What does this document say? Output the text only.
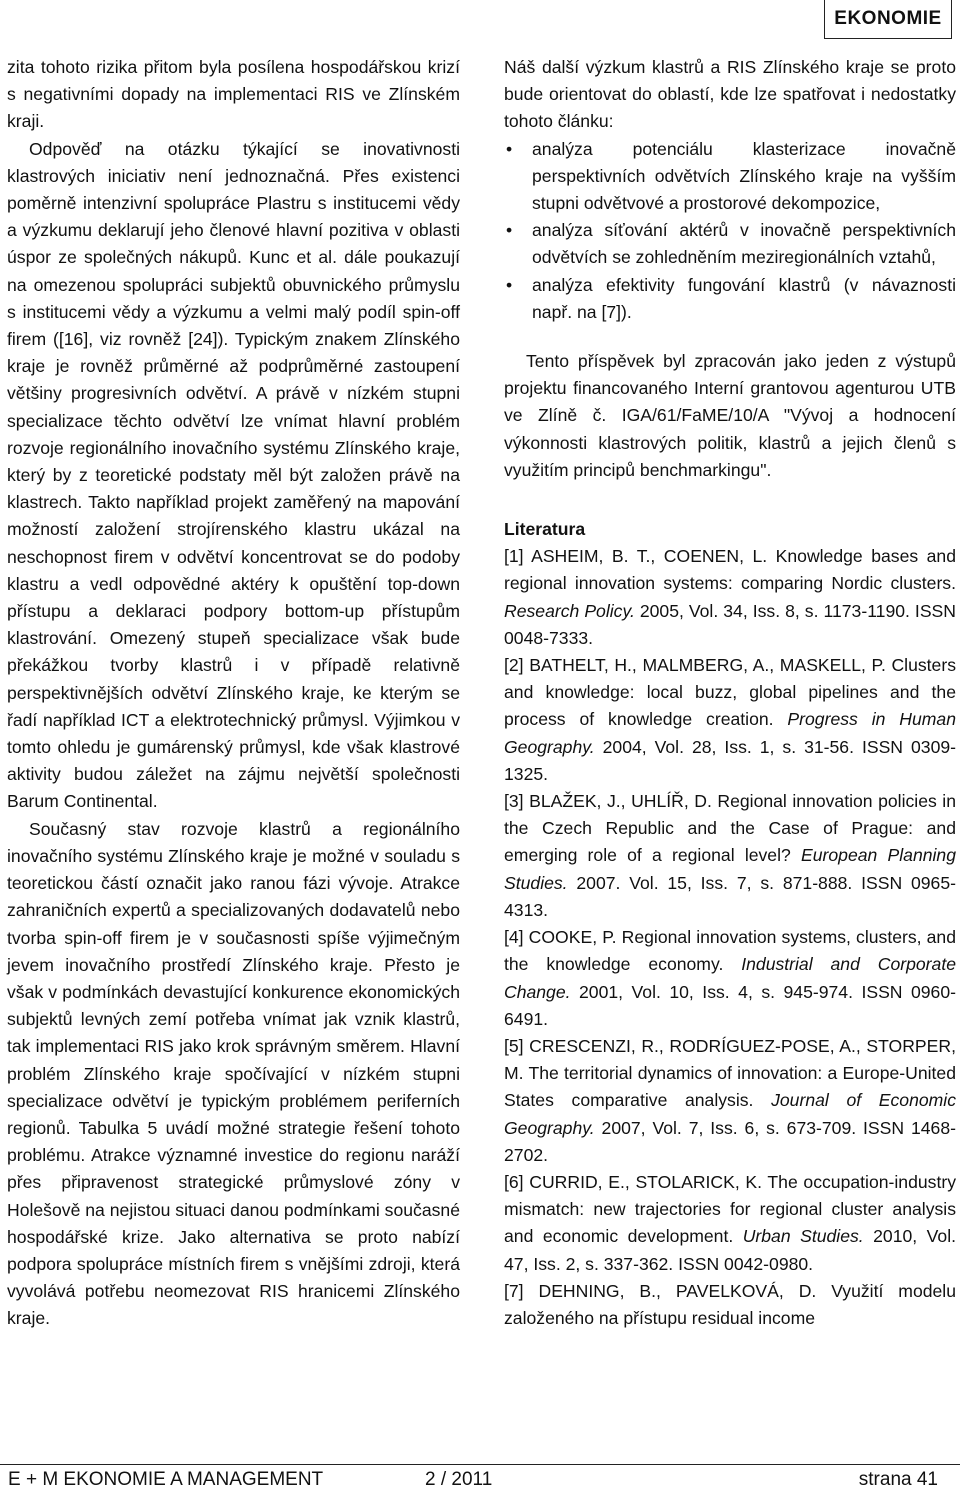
EKONOMIE

zita tohoto rizika přitom byla posílena hospodářskou krizí s negativními dopady na implementaci RIS ve Zlínském kraji.

Odpověď na otázku týkající se inovativnosti klastrových iniciativ není jednoznačná. Přes existenci poměrně intenzivní spolupráce Plastru s institucemi vědy a výzkumu deklarují jeho členové hlavní pozitiva v oblasti úspor ze společných nákupů. Kunc et al. dále poukazují na omezenou spolupráci subjektů obuvnického průmyslu s institucemi vědy a výzkumu a velmi malý podíl spin-off firem ([16], viz rovněž [24]). Typickým znakem Zlínského kraje je rovněž průměrné až podprůměrné zastoupení většiny progresivních odvětví. A právě v nízkém stupni specializace těchto odvětví lze vnímat hlavní problém rozvoje regionálního inovačního systému Zlínského kraje, který by z teoretické podstaty měl být založen právě na klastrech. Takto například projekt zaměřený na mapování možností založení strojírenského klastru ukázal na neschopnost firem v odvětví koncentrovat se do podoby klastru a vedl odpovědné aktéry k opuštění top-down přístupu a deklaraci podpory bottom-up přístupům klastrování. Omezený stupeň specializace však bude překážkou tvorby klastrů i v případě relativně perspektivnějších odvětví Zlínského kraje, ke kterým se řadí například ICT a elektrotechnický průmysl. Výjimkou v tomto ohledu je gumárenský průmysl, kde však klastrové aktivity budou záležet na zájmu největší společnosti Barum Continental.

Současný stav rozvoje klastrů a regionálního inovačního systému Zlínského kraje je možné v souladu s teoretickou částí označit jako ranou fázi vývoje. Atrakce zahraničních expertů a specializovaných dodavatelů nebo tvorba spin-off firem je v současnosti spíše výjimečným jevem inovačního prostředí Zlínského kraje. Přesto je však v podmínkách devastující konkurence ekonomických subjektů levných zemí potřeba vnímat jak vznik klastrů, tak implementaci RIS jako krok správným směrem. Hlavní problém Zlínského kraje spočívající v nízkém stupni specializace odvětví je typickým problémem periferních regionů. Tabulka 5 uvádí možné strategie řešení tohoto problému. Atrakce významné investice do regionu naráží přes připravenost strategické průmyslové zóny v Holešově na nejistou situaci danou podmínkami současné hospodářské krize. Jako alternativa se proto nabízí podpora spolupráce místních firem s vnějšími zdroji, která vyvolává potřebu neomezovat RIS hranicemi Zlínského kraje.

Náš další výzkum klastrů a RIS Zlínského kraje se proto bude orientovat do oblastí, kde lze spatřovat i nedostatky tohoto článku:

• analýza potenciálu klasterizace inovačně perspektivních odvětvích Zlínského kraje na vyšším stupni odvětvové a prostorové dekompozice,
• analýza síťování aktérů v inovačně perspektivních odvětvích se zohledněním meziregionálních vztahů,
• analýza efektivity fungování klastrů (v návaznosti např. na [7]).

Tento příspěvek byl zpracován jako jeden z výstupů projektu financovaného Interní grantovou agenturou UTB ve Zlíně č. IGA/61/FaME/10/A "Vývoj a hodnocení výkonnosti klastrových politik, klastrů a jejich členů s využitím principů benchmarkingu".

Literatura

[1] ASHEIM, B. T., COENEN, L. Knowledge bases and regional innovation systems: comparing Nordic clusters. Research Policy. 2005, Vol. 34, Iss. 8, s. 1173-1190. ISSN 0048-7333.

[2] BATHELT, H., MALMBERG, A., MASKELL, P. Clusters and knowledge: local buzz, global pipelines and the process of knowledge creation. Progress in Human Geography. 2004, Vol. 28, Iss. 1, s. 31-56. ISSN 0309-1325.

[3] BLAŽEK, J., UHLÍŘ, D. Regional innovation policies in the Czech Republic and the Case of Prague: and emerging role of a regional level? European Planning Studies. 2007. Vol. 15, Iss. 7, s. 871-888. ISSN 0965-4313.

[4] COOKE, P. Regional innovation systems, clusters, and the knowledge economy. Industrial and Corporate Change. 2001, Vol. 10, Iss. 4, s. 945-974. ISSN 0960-6491.

[5] CRESCENZI, R., RODRÍGUEZ-POSE, A., STORPER, M. The territorial dynamics of innovation: a Europe-United States comparative analysis. Journal of Economic Geography. 2007, Vol. 7, Iss. 6, s. 673-709. ISSN 1468-2702.

[6] CURRID, E., STOLARICK, K. The occupation-industry mismatch: new trajectories for regional cluster analysis and economic development. Urban Studies. 2010, Vol. 47, Iss. 2, s. 337-362. ISSN 0042-0980.

[7] DEHNING, B., PAVELKOVÁ, D. Využití modelu založeného na přístupu residual income

E + M EKONOMIE A MANAGEMENT	2 / 2011	strana 41
